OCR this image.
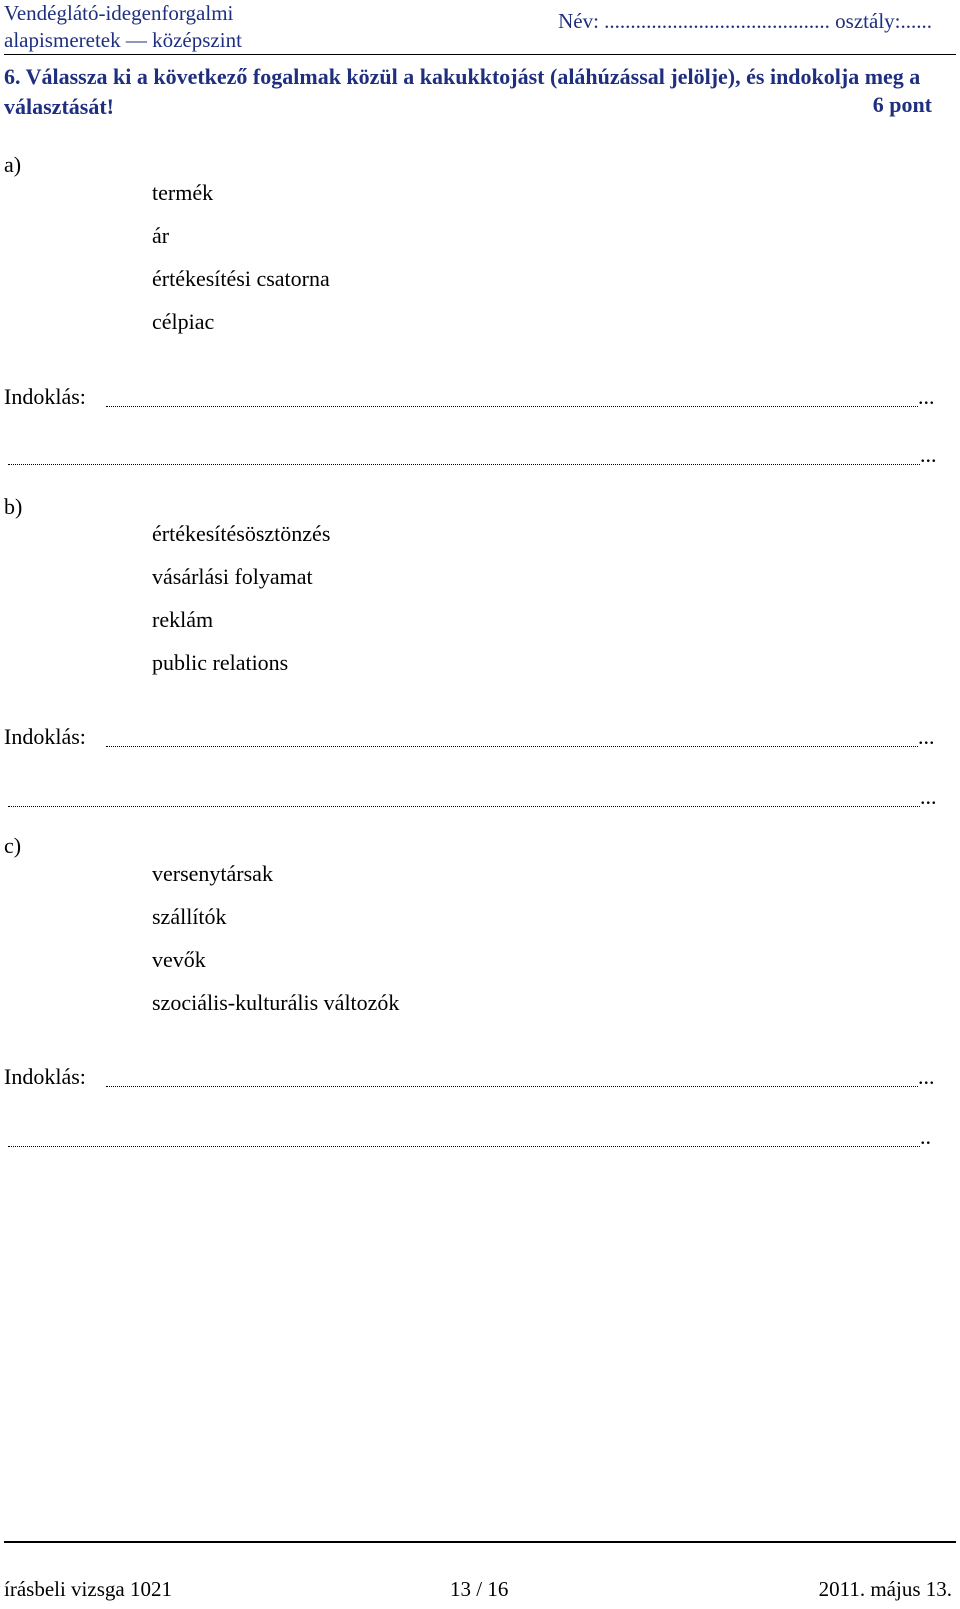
Vendéglátó-idegenforgalmi
alapismeretek — középszint
Név: ........................................... osztály:......
6. Válassza ki a következő fogalmak közül a kakukktojást (aláhúzással jelölje), és indokolja meg a választását!	6 pont
a)
termék
ár
értékesítési csatorna
célpiac
Indoklás:	...
...
b)
értékesítésösztönzés
vásárlási folyamat
reklám
public relations
Indoklás:	...
...
c)
versenytársak
szállítók
vevők
szociális-kulturális változók
Indoklás:	...
..
írásbeli vizsga 1021	13 / 16	2011. május 13.
